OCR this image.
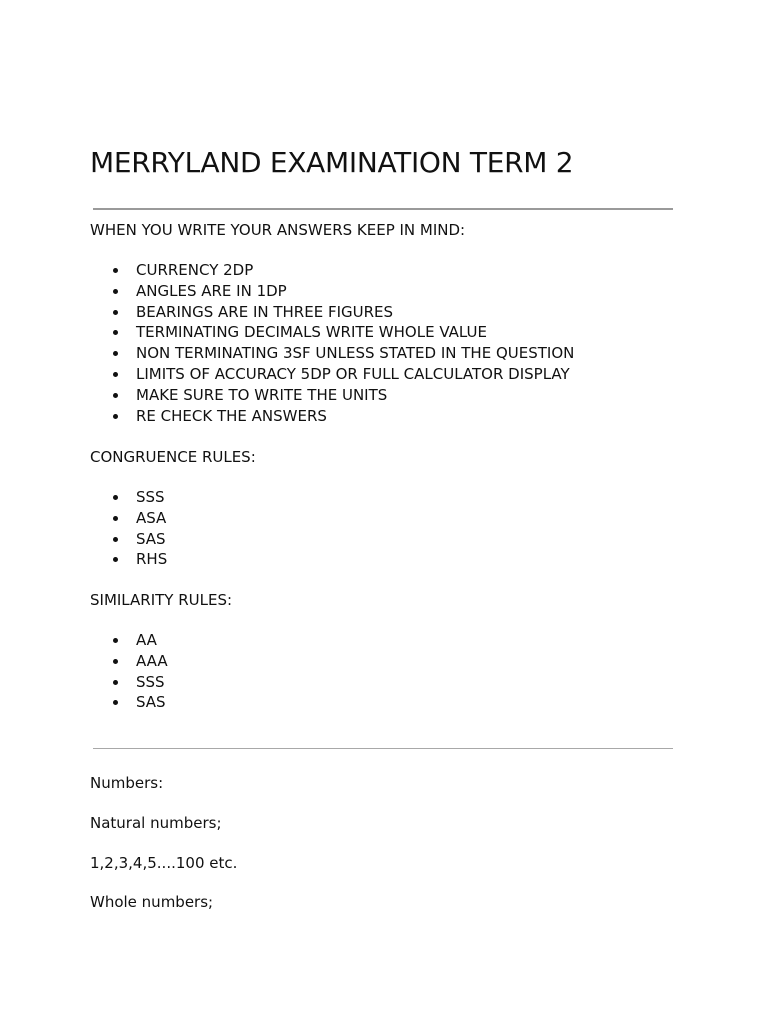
MERRYLAND EXAMINATION TERM 2

WHEN YOU WRITE YOUR ANSWERS KEEP IN MIND:

CURRENCY 2DP
ANGLES ARE IN 1DP
BEARINGS ARE IN THREE FIGURES
TERMINATING DECIMALS WRITE WHOLE VALUE
NON TERMINATING 3SF UNLESS STATED IN THE QUESTION
LIMITS OF ACCURACY 5DP OR FULL CALCULATOR DISPLAY
MAKE SURE TO WRITE THE UNITS
RE CHECK THE ANSWERS

CONGRUENCE RULES:

SSS
ASA
SAS
RHS

SIMILARITY RULES:

AA
AAA
SSS
SAS

Numbers:

Natural numbers;

1,2,3,4,5....100 etc.

Whole numbers;
